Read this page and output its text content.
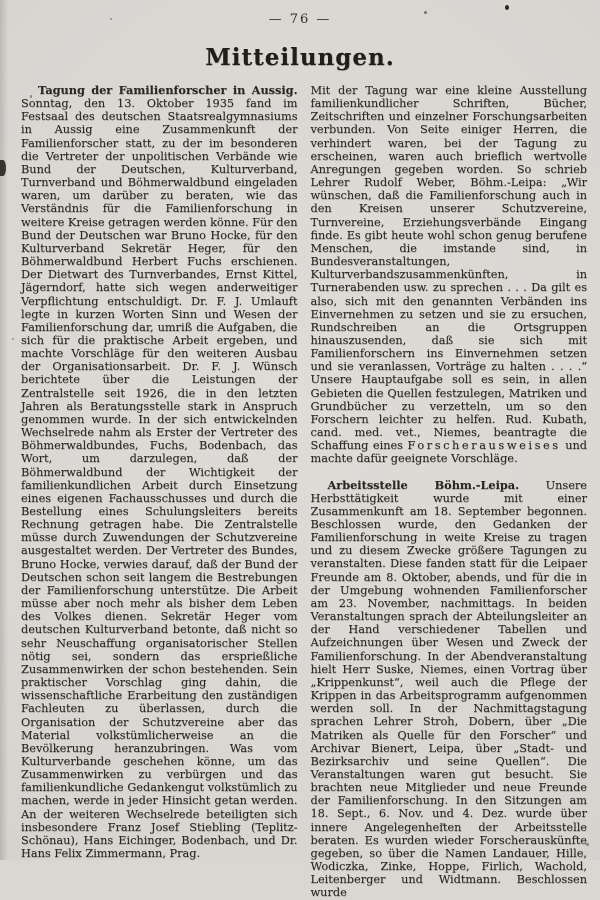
— 76 —
Mitteilungen.

Tagung der Familienforscher in Aussig. Sonntag, den 13. Oktober 1935 fand im Festsaal des deutschen Staatsrealgymnasiums in Aussig eine Zusammenkunft der Familienforscher statt, zu der im besonderen die Vertreter der unpolitischen Verbände wie Bund der Deutschen, Kulturverband, Turnverband und Böhmerwaldbund eingeladen waren, um darüber zu beraten, wie das Verständnis für die Familienforschung in weitere Kreise getragen werden könne. Für den Bund der Deutschen war Bruno Hocke, für den Kulturverband Sekretär Heger, für den Böhmerwaldbund Herbert Fuchs erschienen. Der Dietwart des Turnverbandes, Ernst Kittel, Jägerndorf, hatte sich wegen anderweitiger Verpflichtung entschuldigt. Dr. F. J. Umlauft legte in kurzen Worten Sinn und Wesen der Familienforschung dar, umriß die Aufgaben, die sich für die praktische Arbeit ergeben, und machte Vorschläge für den weiteren Ausbau der Organisationsarbeit. Dr. F. J. Wünsch berichtete über die Leistungen der Zentralstelle seit 1926, die in den letzten Jahren als Beratungsstelle stark in Anspruch genommen wurde. In der sich entwickelnden Wechselrede nahm als Erster der Vertreter des Böhmerwaldbundes, Fuchs, Bodenbach, das Wort, um darzulegen, daß der Böhmerwaldbund der Wichtigkeit der familienkundlichen Arbeit durch Einsetzung eines eigenen Fachausschusses und durch die Bestellung eines Schulungsleiters bereits Rechnung getragen habe. Die Zentralstelle müsse durch Zuwendungen der Schutzvereine ausgestaltet werden. Der Vertreter des Bundes, Bruno Hocke, verwies darauf, daß der Bund der Deutschen schon seit langem die Bestrebungen der Familienforschung unterstütze. Die Arbeit müsse aber noch mehr als bisher dem Leben des Volkes dienen. Sekretär Heger vom deutschen Kulturverband betonte, daß nicht so sehr Neuschaffung organisatorischer Stellen nötig sei, sondern das ersprießliche Zusammenwirken der schon bestehenden. Sein praktischer Vorschlag ging dahin, die wissenschaftliche Erarbeitung den zuständigen Fachleuten zu überlassen, durch die Organisation der Schutzvereine aber das Material volkstümlicherweise an die Bevölkerung heranzubringen. Was vom Kulturverbande geschehen könne, um das Zusammenwirken zu verbürgen und das familienkundliche Gedankengut volkstümlich zu machen, werde in jeder Hinsicht getan werden. An der weiteren Wechselrede beteiligten sich insbesondere Franz Josef Stiebling (Teplitz-Schönau), Hans Eichinger, Bodenbach, und Dr. Hans Felix Zimmermann, Prag.

Mit der Tagung war eine kleine Ausstellung familienkundlicher Schriften, Bücher, Zeitschriften und einzelner Forschungsarbeiten verbunden. Von Seite einiger Herren, die verhindert waren, bei der Tagung zu erscheinen, waren auch brieflich wertvolle Anregungen gegeben worden. So schrieb Lehrer Rudolf Weber, Böhm.-Leipa: „Wir wünschen, daß die Familienforschung auch in den Kreisen unserer Schutzvereine, Turnvereine, Erziehungsverbände Eingang finde. Es gibt heute wohl schon genug berufene Menschen, die imstande sind, in Bundesveranstaltungen, Kulturverbandszusammenkünften, in Turnerabenden usw. zu sprechen . . . Da gilt es also, sich mit den genannten Verbänden ins Einvernehmen zu setzen und sie zu ersuchen, Rundschreiben an die Ortsgruppen hinauszusenden, daß sie sich mit Familienforschern ins Einvernehmen setzen und sie veranlassen, Vorträge zu halten . . . .“ Unsere Hauptaufgabe soll es sein, in allen Gebieten die Quellen festzulegen, Matriken und Grundbücher zu verzetteln, um so den Forschern leichter zu helfen. Rud. Kubath, cand. med. vet., Niemes, beantragte die Schaffung eines Forscherausweises und machte dafür geeignete Vorschläge.

Arbeitsstelle Böhm.-Leipa. Unsere Herbsttätigkeit wurde mit einer Zusammenkunft am 18. September begonnen. Beschlossen wurde, den Gedanken der Familienforschung in weite Kreise zu tragen und zu diesem Zwecke größere Tagungen zu veranstalten. Diese fanden statt für die Leipaer Freunde am 8. Oktober, abends, und für die in der Umgebung wohnenden Familienforscher am 23. November, nachmittags. In beiden Veranstaltungen sprach der Abteilungsleiter an der Hand verschiedener Tabellen und Aufzeichnungen über Wesen und Zweck der Familienforschung. In der Abendveranstaltung hielt Herr Suske, Niemes, einen Vortrag über „Krippenkunst“, weil auch die Pflege der Krippen in das Arbeitsprogramm aufgenommen werden soll. In der Nachmittagstagung sprachen Lehrer Stroh, Dobern, über „Die Matriken als Quelle für den Forscher“ und Archivar Bienert, Leipa, über „Stadt- und Bezirksarchiv und seine Quellen“. Die Veranstaltungen waren gut besucht. Sie brachten neue Mitglieder und neue Freunde der Familienforschung. In den Sitzungen am 18. Sept., 6. Nov. und 4. Dez. wurde über innere Angelegenheiten der Arbeitsstelle beraten. Es wurden wieder Forscherauskünfte gegeben, so über die Namen Landauer, Hille, Wodiczka, Zinke, Hoppe, Firlich, Wachold, Leitenberger und Widtmann. Beschlossen wurde
